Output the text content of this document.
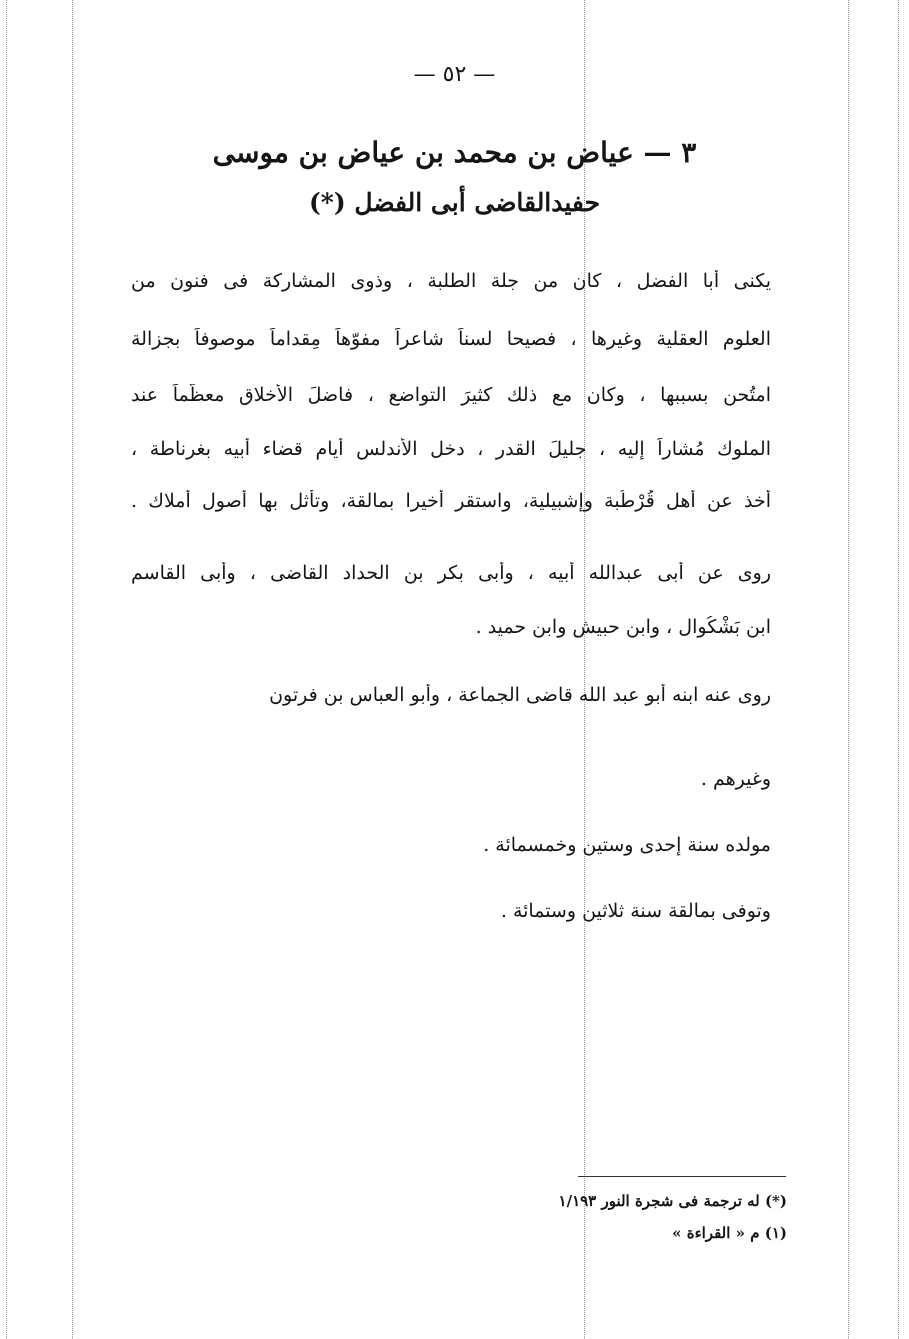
— ٥٢ —
٣ — عياض بن محمد بن عياض بن موسى
حفيدالقاضى أبى الفضل (*)
يكنى أبا الفضل ، كان من جلة الطلبة ، وذوى المشاركة فى فنون من
العلوم العقلية وغيرها ، فصيحا لسناً شاعراً مفوّهاً مِقداماً موصوفاً بجزالة
امتُحن بسببها ، وكان مع ذلك كثيرَ التواضع ، فاضلَ الأخلاق معظّماً عند
الملوك مُشاراً إليه ، جليلَ القدر ، دخل الأندلس أيام قضاء أبيه بغرناطة ،
أخذ عن أهل قُرْطُبة وإشبيلية، واستقر أخيرا بمالقة، وتأثل بها أصول أملاك .
روى عن أبى عبدالله أبيه ، وأبى بكر بن الحداد القاضى ، وأبى القاسم
ابن بَشْكُوال ، وابن حبيش وابن حميد .
روى عنه ابنه أبو عبد الله قاضى الجماعة ، وأبو العباس بن فرتون
وغيرهم .
مولده سنة إحدى وستين وخمسمائة .
وتوفى بمالقة سنة ثلاثين وستمائة .
(*) له ترجمة فى شجرة النور ١/١٩٣
(١) م « القراءة »
